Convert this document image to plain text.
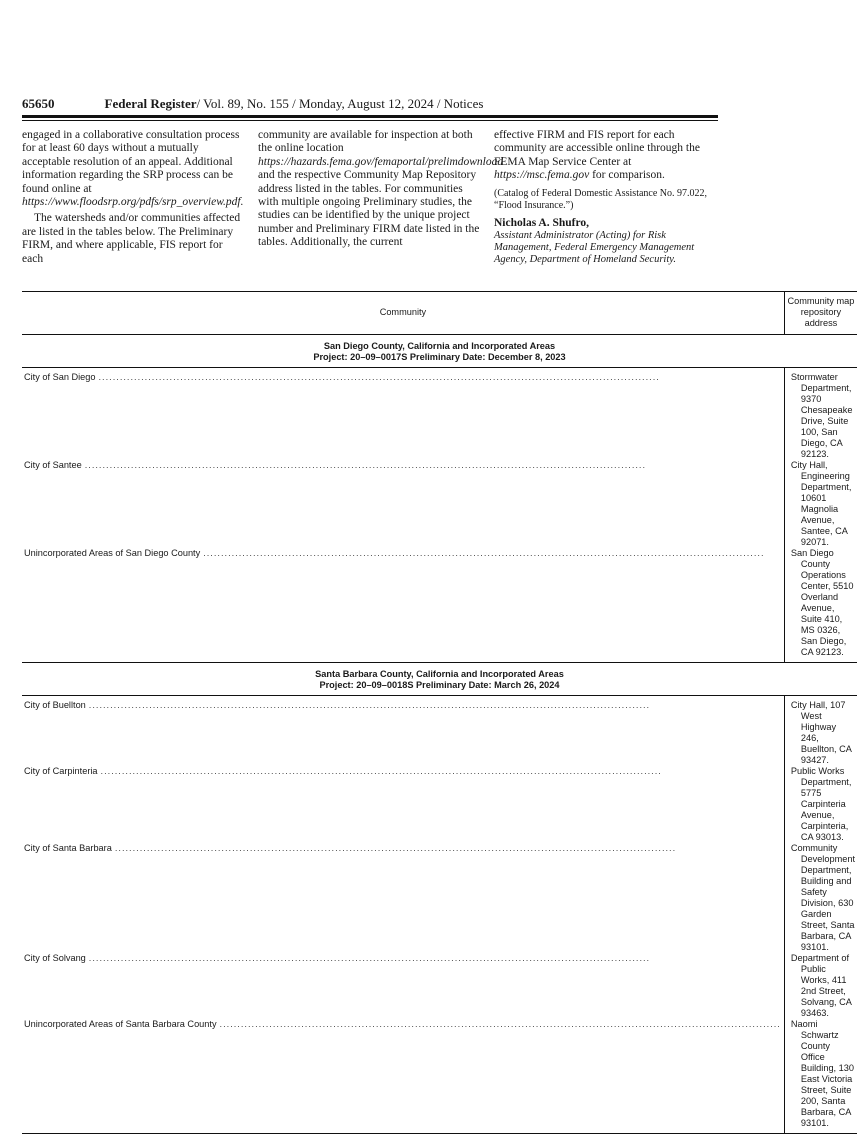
65650	Federal Register/ Vol. 89, No. 155 / Monday, August 12, 2024 / Notices

engaged in a collaborative consultation process for at least 60 days without a mutually acceptable resolution of an appeal. Additional information regarding the SRP process can be found online at https://www.floodsrp.org/pdfs/srp_overview.pdf.

The watersheds and/or communities affected are listed in the tables below. The Preliminary FIRM, and where applicable, FIS report for each

community are available for inspection at both the online location https://hazards.fema.gov/femaportal/prelimdownload and the respective Community Map Repository address listed in the tables. For communities with multiple ongoing Preliminary studies, the studies can be identified by the unique project number and Preliminary FIRM date listed in the tables. Additionally, the current

effective FIRM and FIS report for each community are accessible online through the FEMA Map Service Center at https://msc.fema.gov for comparison.

(Catalog of Federal Domestic Assistance No. 97.022, “Flood Insurance.”)

Nicholas A. Shufro,

Assistant Administrator (Acting) for Risk Management, Federal Emergency Management Agency, Department of Homeland Security.

Community	Community map repository address

San Diego County, California and Incorporated Areas
Project: 20–09–0017S Preliminary Date: December 8, 2023	

City of San Diego ..............................................................................................................................................................	Stormwater Department, 9370 Chesapeake Drive, Suite 100, San Diego, CA 92123.

City of Santee ..............................................................................................................................................................	City Hall, Engineering Department, 10601 Magnolia Avenue, Santee, CA 92071.

Unincorporated Areas of San Diego County ..............................................................................................................................................................	San Diego County Operations Center, 5510 Overland Avenue, Suite 410, MS 0326, San Diego, CA 92123.

Santa Barbara County, California and Incorporated Areas
Project: 20–09–0018S Preliminary Date: March 26, 2024	

City of Buellton ..............................................................................................................................................................	City Hall, 107 West Highway 246, Buellton, CA 93427.

City of Carpinteria ..............................................................................................................................................................	Public Works Department, 5775 Carpinteria Avenue, Carpinteria, CA 93013.

City of Santa Barbara ..............................................................................................................................................................	Community Development Department, Building and Safety Division, 630 Garden Street, Santa Barbara, CA 93101.

City of Solvang ..............................................................................................................................................................	Department of Public Works, 411 2nd Street, Solvang, CA 93463.

Unincorporated Areas of Santa Barbara County ..............................................................................................................................................................	Naomi Schwartz County Office Building, 130 East Victoria Street, Suite 200, Santa Barbara, CA 93101.
